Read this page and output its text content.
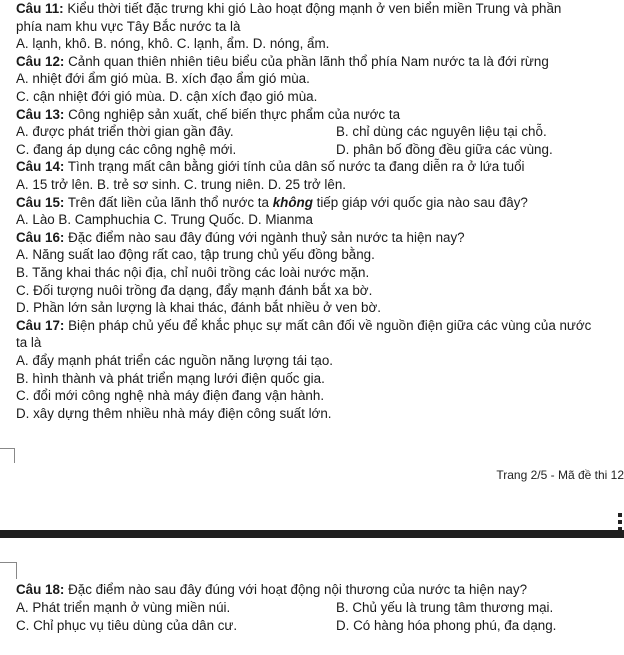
Câu 11: Kiểu thời tiết đặc trưng khi gió Lào hoạt động mạnh ở ven biển miền Trung và phần
phía nam khu vực Tây Bắc nước ta là
A. lạnh, khô. B. nóng, khô. C. lạnh, ẩm. D. nóng, ẩm.
Câu 12: Cảnh quan thiên nhiên tiêu biểu của phần lãnh thổ phía Nam nước ta là đới rừng
A. nhiệt đới ẩm gió mùa. B. xích đạo ẩm gió mùa.
C. cận nhiệt đới gió mùa. D. cận xích đạo gió mùa.
Câu 13: Công nghiệp sản xuất, chế biến thực phẩm của nước ta
A. được phát triển thời gian gần đây.	B. chỉ dùng các nguyên liệu tại chỗ.
C. đang áp dụng các công nghệ mới.	D. phân bố đồng đều giữa các vùng.
Câu 14: Tình trạng mất cân bằng giới tính của dân số nước ta đang diễn ra ở lứa tuổi
A. 15 trở lên. B. trẻ sơ sinh. C. trung niên. D. 25 trở lên.
Câu 15: Trên đất liền của lãnh thổ nước ta không tiếp giáp với quốc gia nào sau đây?
A. Lào B. Camphuchia C. Trung Quốc. D. Mianma
Câu 16: Đặc điểm nào sau đây đúng với ngành thuỷ sản nước ta hiện nay?
A. Năng suất lao động rất cao, tập trung chủ yếu đồng bằng.
B. Tăng khai thác nội địa, chỉ nuôi trồng các loài nước mặn.
C. Đối tượng nuôi trồng đa dạng, đẩy mạnh đánh bắt xa bờ.
D. Phần lớn sản lượng là khai thác, đánh bắt nhiều ở ven bờ.
Câu 17: Biện pháp chủ yếu để khắc phục sự mất cân đối về nguồn điện giữa các vùng của nước
ta là
A. đẩy mạnh phát triển các nguồn năng lượng tái tạo.
B. hình thành và phát triển mạng lưới điện quốc gia.
C. đổi mới công nghệ nhà máy điện đang vận hành.
D. xây dựng thêm nhiều nhà máy điện công suất lớn.
Trang 2/5 - Mã đề thi 12
Câu 18: Đặc điểm nào sau đây đúng với hoạt động nội thương của nước ta hiện nay?
A. Phát triển mạnh ở vùng miền núi.	B. Chủ yếu là trung tâm thương mại.
C. Chỉ phục vụ tiêu dùng của dân cư.	D. Có hàng hóa phong phú, đa dạng.
